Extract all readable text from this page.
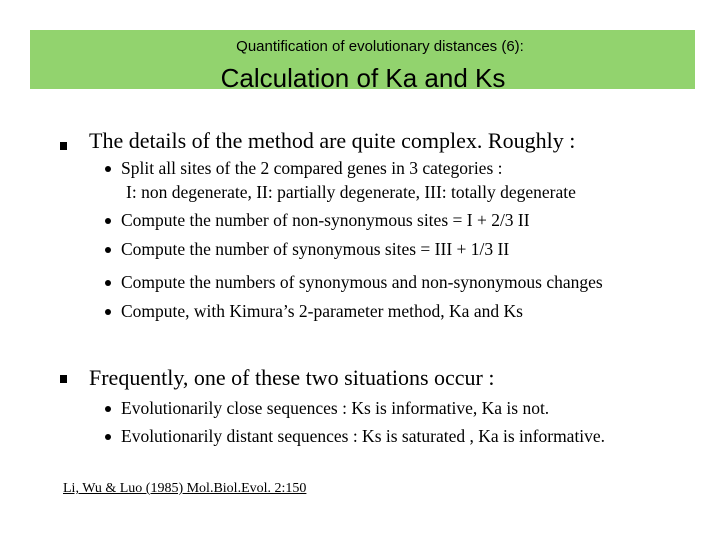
Quantification of evolutionary distances (6):
Calculation of Ka and Ks
The details of the method are quite complex. Roughly :
Split all sites of the 2 compared genes in 3 categories :
I: non degenerate, II: partially degenerate, III: totally degenerate
Compute the number of non-synonymous sites = I + 2/3 II
Compute the number of synonymous sites = III + 1/3 II
Compute the numbers of synonymous and non-synonymous changes
Compute, with Kimura’s 2-parameter method, Ka and Ks
Frequently, one of these two situations occur :
Evolutionarily close sequences : Ks is informative, Ka is not.
Evolutionarily distant sequences : Ks is saturated , Ka is informative.
Li, Wu & Luo (1985) Mol.Biol.Evol. 2:150
